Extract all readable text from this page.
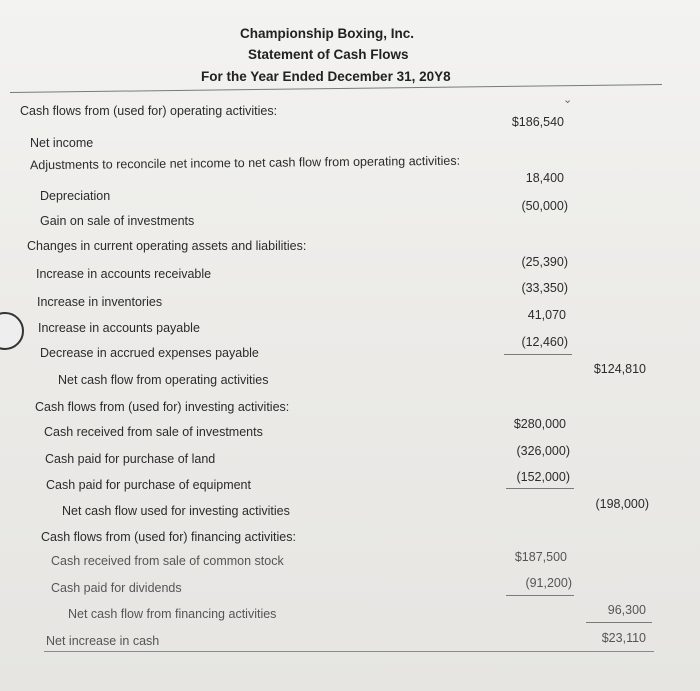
Championship Boxing, Inc.
Statement of Cash Flows
For the Year Ended December 31, 20Y8
Cash flows from (used for) operating activities:
$186,540
Net income
Adjustments to reconcile net income to net cash flow from operating activities:
18,400
Depreciation
(50,000)
Gain on sale of investments
Changes in current operating assets and liabilities:
(25,390)
Increase in accounts receivable
(33,350)
Increase in inventories
41,070
Increase in accounts payable
(12,460)
Decrease in accrued expenses payable
$124,810
Net cash flow from operating activities
Cash flows from (used for) investing activities:
$280,000
Cash received from sale of investments
(326,000)
Cash paid for purchase of land
(152,000)
Cash paid for purchase of equipment
(198,000)
Net cash flow used for investing activities
Cash flows from (used for) financing activities:
$187,500
Cash received from sale of common stock
(91,200)
Cash paid for dividends
96,300
Net cash flow from financing activities
$23,110
Net increase in cash
⌄
